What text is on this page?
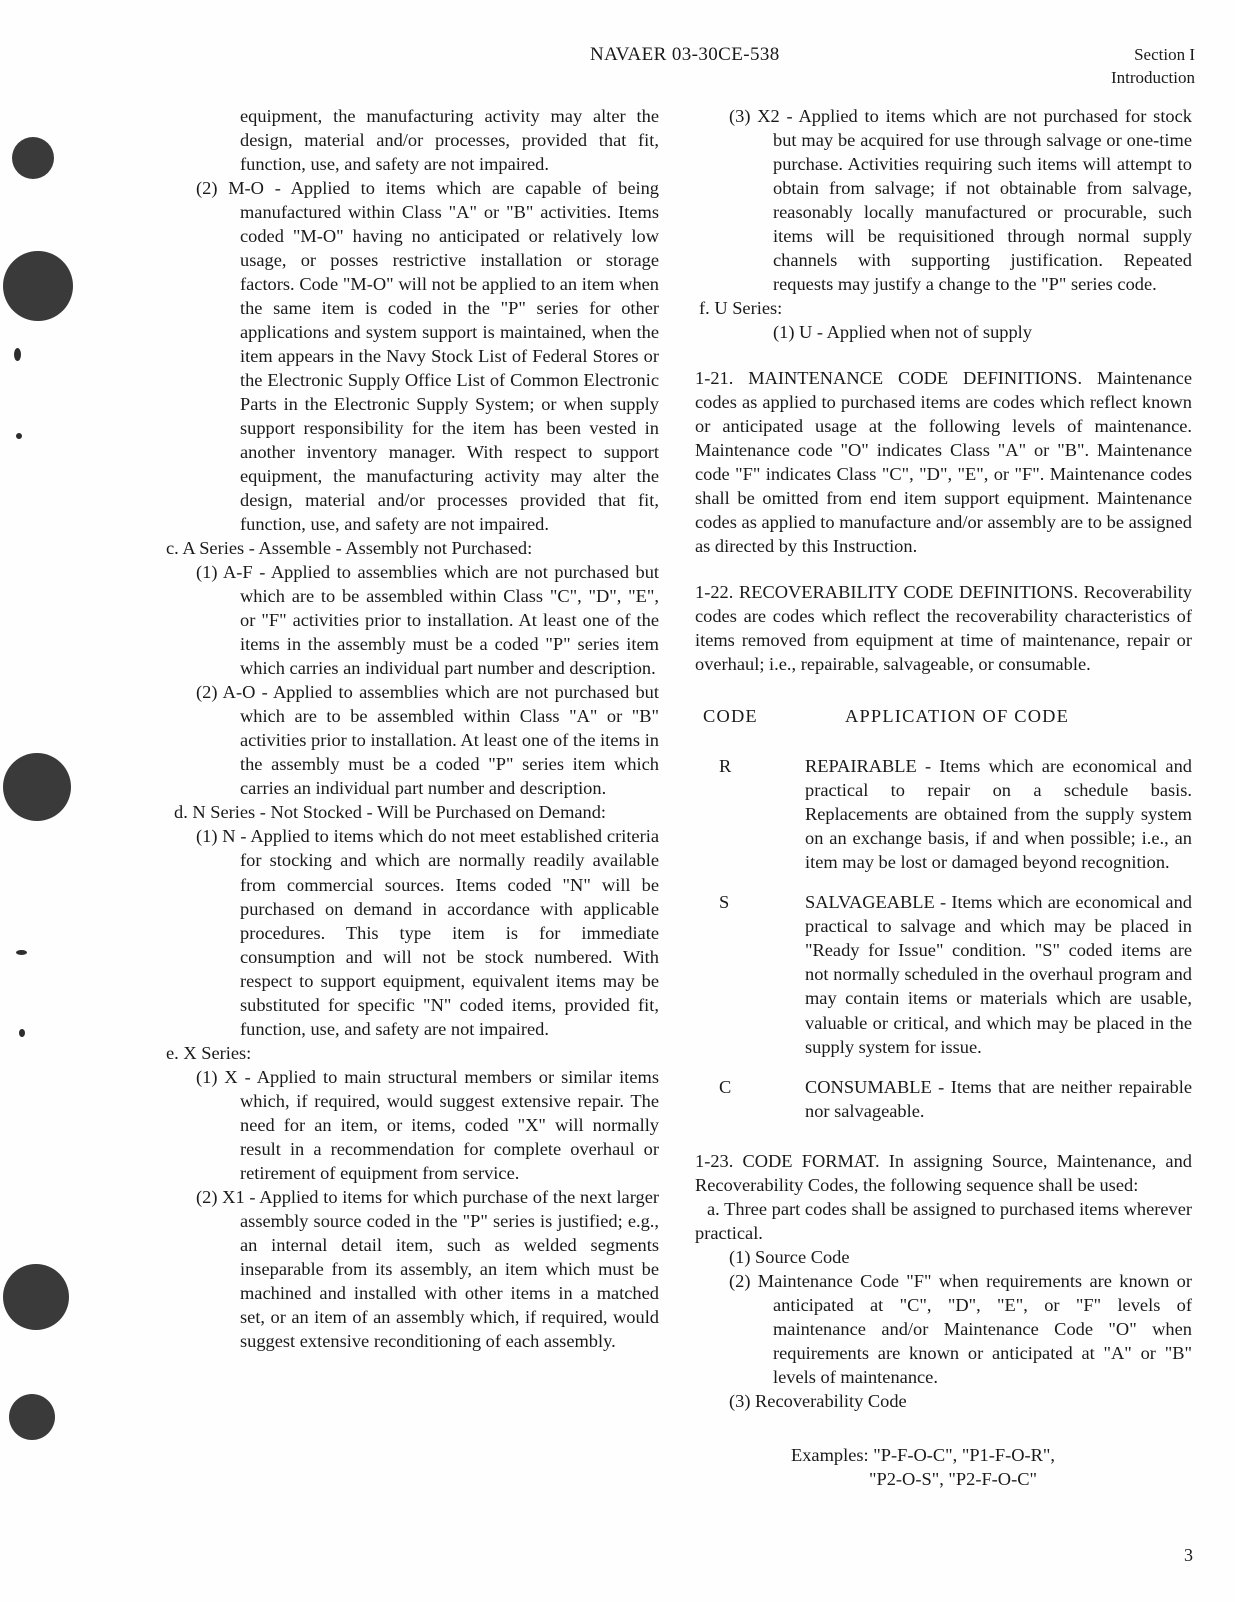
NAVAER 03-30CE-538	Section I
Introduction

equipment, the manufacturing activity may alter the design, material and/or processes, provided that fit, function, use, and safety are not impaired.

(2) M-O - Applied to items which are capable of being manufactured within Class "A" or "B" activities. Items coded "M-O" having no anticipated or relatively low usage, or posses restrictive installation or storage factors. Code "M-O" will not be applied to an item when the same item is coded in the "P" series for other applications and system support is maintained, when the item appears in the Navy Stock List of Federal Stores or the Electronic Supply Office List of Common Electronic Parts in the Electronic Supply System; or when supply support responsibility for the item has been vested in another inventory manager. With respect to support equipment, the manufacturing activity may alter the design, material and/or processes provided that fit, function, use, and safety are not impaired.

c. A Series - Assemble - Assembly not Purchased:

(1) A-F - Applied to assemblies which are not purchased but which are to be assembled within Class "C", "D", "E", or "F" activities prior to installation. At least one of the items in the assembly must be a coded "P" series item which carries an individual part number and description.

(2) A-O - Applied to assemblies which are not purchased but which are to be assembled within Class "A" or "B" activities prior to installation. At least one of the items in the assembly must be a coded "P" series item which carries an individual part number and description.

d. N Series - Not Stocked - Will be Purchased on Demand:

(1) N - Applied to items which do not meet established criteria for stocking and which are normally readily available from commercial sources. Items coded "N" will be purchased on demand in accordance with applicable procedures. This type item is for immediate consumption and will not be stock numbered. With respect to support equipment, equivalent items may be substituted for specific "N" coded items, provided fit, function, use, and safety are not impaired.

e. X Series:

(1) X - Applied to main structural members or similar items which, if required, would suggest extensive repair. The need for an item, or items, coded "X" will normally result in a recommendation for complete overhaul or retirement of equipment from service.

(2) X1 - Applied to items for which purchase of the next larger assembly source coded in the "P" series is justified; e.g., an internal detail item, such as welded segments inseparable from its assembly, an item which must be machined and installed with other items in a matched set, or an item of an assembly which, if required, would suggest extensive reconditioning of each assembly.

(3) X2 - Applied to items which are not purchased for stock but may be acquired for use through salvage or one-time purchase. Activities requiring such items will attempt to obtain from salvage; if not obtainable from salvage, reasonably locally manufactured or procurable, such items will be requisitioned through normal supply channels with supporting justification. Repeated requests may justify a change to the "P" series code.

f. U Series:

(1) U - Applied when not of supply

1-21. MAINTENANCE CODE DEFINITIONS. Maintenance codes as applied to purchased items are codes which reflect known or anticipated usage at the following levels of maintenance. Maintenance code "O" indicates Class "A" or "B". Maintenance code "F" indicates Class "C", "D", "E", or "F". Maintenance codes shall be omitted from end item support equipment. Maintenance codes as applied to manufacture and/or assembly are to be assigned as directed by this Instruction.

1-22. RECOVERABILITY CODE DEFINITIONS. Recoverability codes are codes which reflect the recoverability characteristics of items removed from equipment at time of maintenance, repair or overhaul; i.e., repairable, salvageable, or consumable.

CODE	APPLICATION OF CODE
R	REPAIRABLE - Items which are economical and practical to repair on a schedule basis. Replacements are obtained from the supply system on an exchange basis, if and when possible; i.e., an item may be lost or damaged beyond recognition.

S	SALVAGEABLE - Items which are economical and practical to salvage and which may be placed in "Ready for Issue" condition. "S" coded items are not normally scheduled in the overhaul program and may contain items or materials which are usable, valuable or critical, and which may be placed in the supply system for issue.

C	CONSUMABLE - Items that are neither repairable nor salvageable.

1-23. CODE FORMAT. In assigning Source, Maintenance, and Recoverability Codes, the following sequence shall be used:

a. Three part codes shall be assigned to purchased items wherever practical.

(1) Source Code

(2) Maintenance Code "F" when requirements are known or anticipated at "C", "D", "E", or "F" levels of maintenance and/or Maintenance Code "O" when requirements are known or anticipated at "A" or "B" levels of maintenance.

(3) Recoverability Code

Examples: "P-F-O-C", "P1-F-O-R",
"P2-O-S", "P2-F-O-C"
3
